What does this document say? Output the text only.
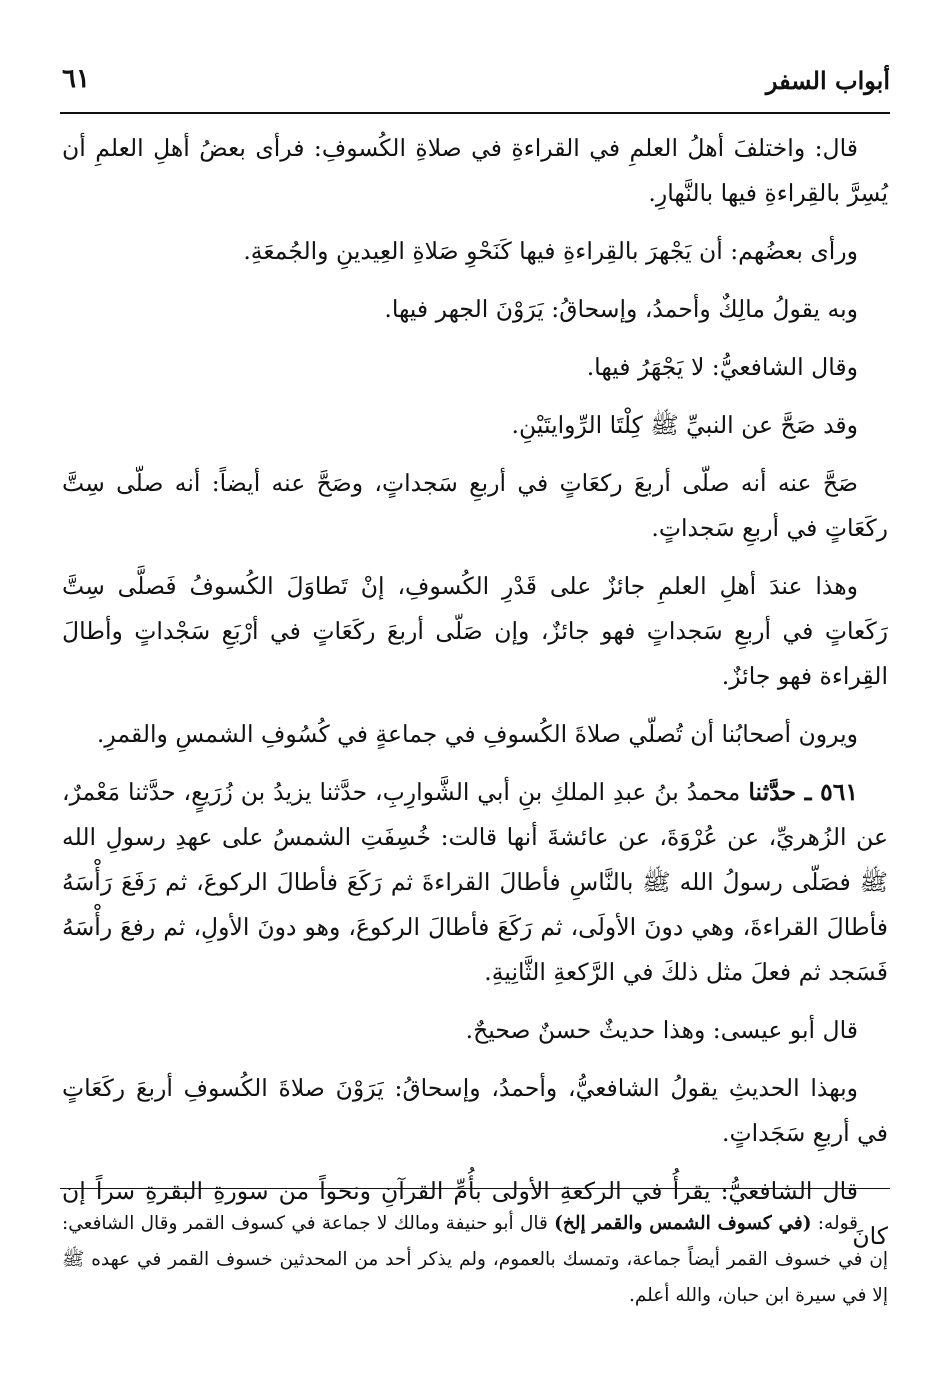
أبواب السفر
٦١

قال: واختلفَ أهلُ العلمِ في القراءةِ في صلاةِ الكُسوفِ: فرأى بعضُ أهلِ العلمِ أن يُسِرَّ بالقِراءةِ فيها بالنَّهارِ.

ورأى بعضُهم: أن يَجْهرَ بالقِراءةِ فيها كَنَحْوِ صَلاةِ العِيدينِ والجُمعَةِ.

وبه يقولُ مالِكٌ وأحمدُ، وإسحاقُ: يَرَوْنَ الجهر فيها.

وقال الشافعيُّ: لا يَجْهَرُ فيها.

وقد صَحَّ عن النبيِّ ﷺ كِلْتَا الرِّوايتَيْنِ.

صَحَّ عنه أنه صلّى أربعَ ركعَاتٍ في أربعِ سَجداتٍ، وصَحَّ عنه أيضاً: أنه صلّى سِتَّ ركَعَاتٍ في أربعِ سَجداتٍ.

وهذا عندَ أهلِ العلمِ جائزٌ على قَدْرِ الكُسوفِ، إنْ تَطاوَلَ الكُسوفُ فَصلَّى سِتَّ رَكَعاتٍ في أربعِ سَجداتٍ فهو جائزٌ، وإن صَلّى أربعَ ركَعَاتٍ في أرْبَعِ سَجْداتٍ وأطالَ القِراءة فهو جائزٌ.

ويرون أصحابُنا أن تُصلّي صلاةَ الكُسوفِ في جماعةٍ في كُسُوفِ الشمسِ والقمرِ.

٥٦١ ـ حدَّثنا محمدُ بنُ عبدِ الملكِ بنِ أبي الشَّوارِبِ، حدَّثنا يزيدُ بن زُرَيعٍ، حدَّثنا مَعْمرٌ، عن الزُهريِّ، عن عُرْوَةَ، عن عائشةَ أنها قالت: خُسِفَتِ الشمسُ على عهدِ رسولِ الله ﷺ فصَلّى رسولُ الله ﷺ بالنَّاسِ فأطالَ القراءةَ ثم رَكَعَ فأطالَ الركوعَ، ثم رَفَعَ رَأْسَهُ فأطالَ القراءةَ، وهي دونَ الأولَى، ثم رَكَعَ فأطالَ الركوعَ، وهو دونَ الأولِ، ثم رفعَ رأْسَهُ فَسَجد ثم فعلَ مثل ذلكَ في الرَّكعةِ الثَّانِيةِ.

قال أبو عيسى: وهذا حديثٌ حسنٌ صحيحٌ.

وبهذا الحديثِ يقولُ الشافعيُّ، وأحمدُ، وإسحاقُ: يَرَوْنَ صلاةَ الكُسوفِ أربعَ ركَعَاتٍ في أربعِ سَجَداتٍ.

قال الشافعيُّ: يقرأُ في الركعةِ الأولى بأُمِّ القرآنِ ونحواً من سورةِ البقرةِ سراً إن كانَ

قوله: (في كسوف الشمس والقمر إلخ) قال أبو حنيفة ومالك لا جماعة في كسوف القمر وقال الشافعي: إن في خسوف القمر أيضاً جماعة، وتمسك بالعموم، ولم يذكر أحد من المحدثين خسوف القمر في عهده ﷺ إلا في سيرة ابن حبان، والله أعلم.
